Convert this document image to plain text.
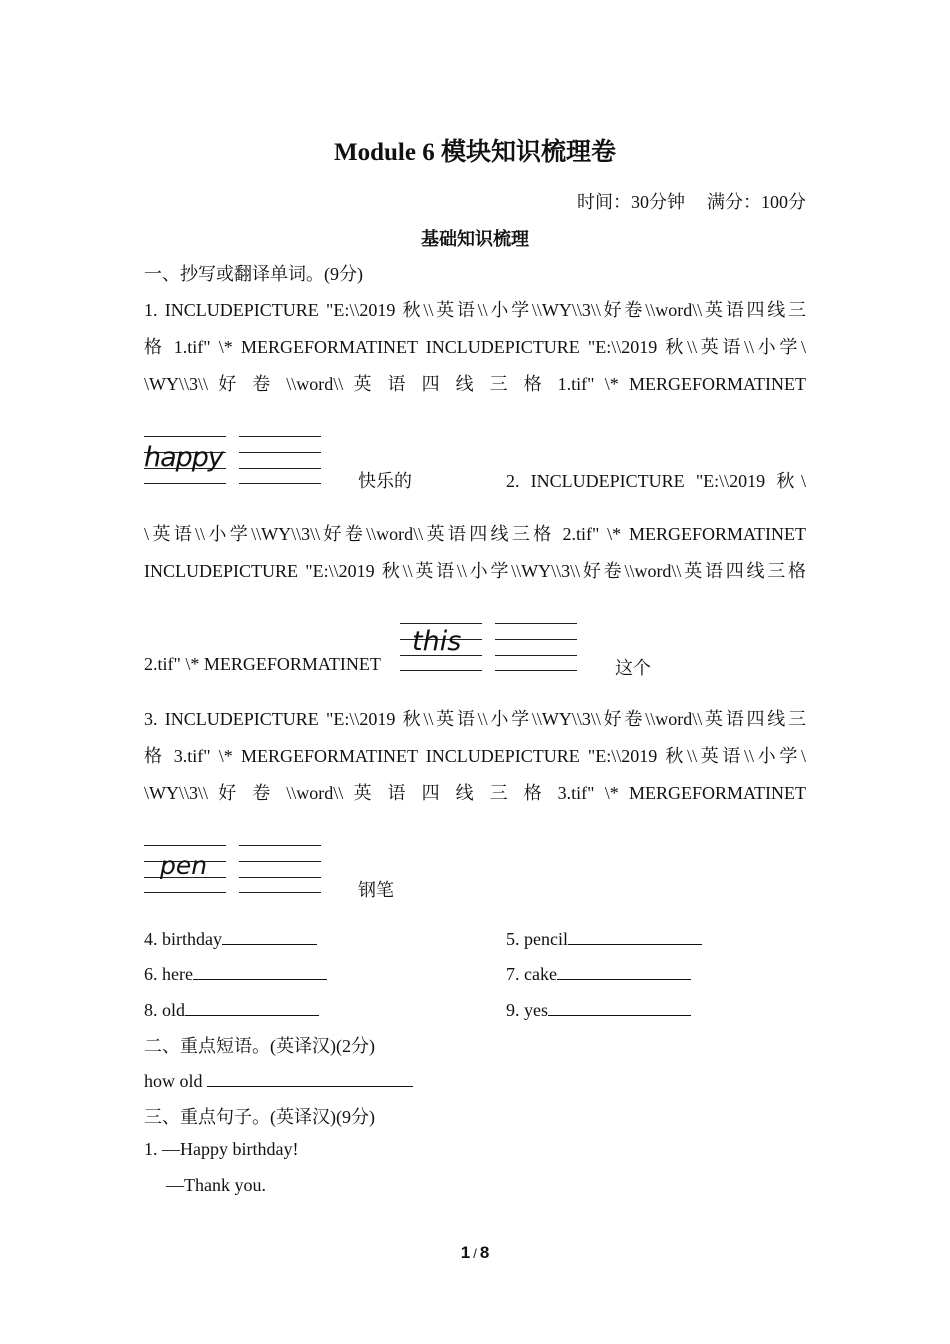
Module 6 模块知识梳理卷
时间：30分钟 满分：100分
基础知识梳理
一、抄写或翻译单词。(9分)
1. INCLUDEPICTURE "E:\\2019 秋\\英语\\小学\\WY\\3\\好卷\\word\\英语四线三
格 1.tif" \* MERGEFORMATINET INCLUDEPICTURE "E:\\2019 秋\\英语\\小学\
\WY\\3\\ 好 卷 \\word\\ 英 语 四 线 三 格 1.tif" \* MERGEFORMATINET
happy
快乐的	2. INCLUDEPICTURE "E:\\2019 秋\
\英语\\小学\\WY\\3\\好卷\\word\\英语四线三格 2.tif" \* MERGEFORMATINET
INCLUDEPICTURE "E:\\2019 秋\\英语\\小学\\WY\\3\\好卷\\word\\英语四线三格
2.tif" \* MERGEFORMATINET
this
这个
3. INCLUDEPICTURE "E:\\2019 秋\\英语\\小学\\WY\\3\\好卷\\word\\英语四线三
格 3.tif" \* MERGEFORMATINET INCLUDEPICTURE "E:\\2019 秋\\英语\\小学\
\WY\\3\\ 好 卷 \\word\\ 英 语 四 线 三 格 3.tif" \* MERGEFORMATINET
pen
钢笔
4. birthday	5. pencil
6. here	7. cake
8. old	9. yes
二、重点短语。(英译汉)(2分)
how old
三、重点句子。(英译汉)(9分)
1. —Happy birthday!
—Thank you.
1 / 8
